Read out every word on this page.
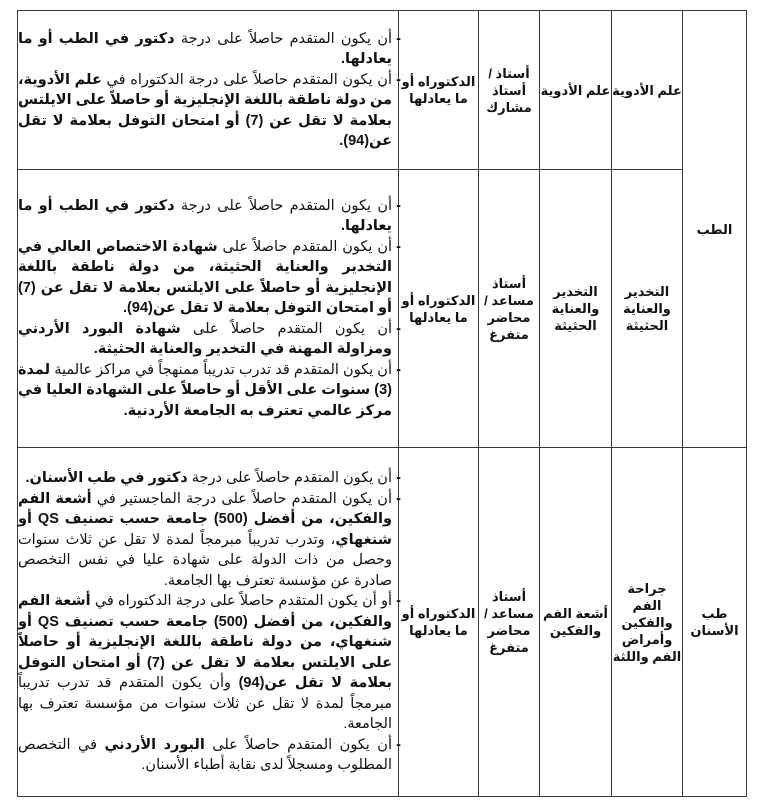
الطب	علم الأدوية	علم الأدوية	أستاذ / أستاذ مشارك	الدكتوراه أو ما يعادلها	- أن يكون المتقدم حاصلاً على درجة دكتور في الطب أو ما يعادلها.
- أن يكون المتقدم حاصلاً على درجة الدكتوراه في علم الأدوية، من دولة ناطقة باللغة الإنجليزية أو حاصلاً على الايلتس بعلامة لا تقل عن (7) أو امتحان التوفل بعلامة لا تقل عن(94).

	التخدير والعناية الحثيثة	التخدير والعناية الحثيثة	أستاذ مساعد / محاضر متفرغ	الدكتوراه أو ما يعادلها	- أن يكون المتقدم حاصلاً على درجة دكتور في الطب أو ما يعادلها.
- أن يكون المتقدم حاصلاً على شهادة الاختصاص العالي في التخدير والعناية الحثيثة، من دولة ناطقة باللغة الإنجليزية أو حاصلاً على الايلتس بعلامة لا تقل عن (7) أو امتحان التوفل بعلامة لا تقل عن(94).
- أن يكون المتقدم حاصلاً على شهادة البورد الأردني ومزاولة المهنة في التخدير والعناية الحثيثة.
- أن يكون المتقدم قد تدرب تدريباً ممنهجاً في مراكز عالمية لمدة (3) سنوات على الأقل أو حاصلاً على الشهادة العليا في مركز عالمي تعترف به الجامعة الأردنية.

طب الأسنان	جراحة الفم والفكين وأمراض الفم واللثة	أشعة الفم والفكين	أستاذ مساعد / محاضر متفرغ	الدكتوراه أو ما يعادلها	- أن يكون المتقدم حاصلاً على درجة دكتور في طب الأسنان.
- أن يكون المتقدم حاصلاً على درجة الماجستير في أشعة الفم والفكين، من أفضل (500) جامعة حسب تصنيف QS أو شنغهاي، وتدرب تدريباً مبرمجاً لمدة لا تقل عن ثلاث سنوات وحصل من ذات الدولة على شهادة عليا في نفس التخصص صادرة عن مؤسسة تعترف بها الجامعة.
- أو أن يكون المتقدم حاصلاً على درجة الدكتوراه في أشعة الفم والفكين، من أفضل (500) جامعة حسب تصنيف QS أو شنغهاي، من دولة ناطقة باللغة الإنجليزية أو حاصلاً على الايلتس بعلامة لا تقل عن (7) أو امتحان التوفل بعلامة لا تقل عن(94) وأن يكون المتقدم قد تدرب تدريباً مبرمجاً لمدة لا تقل عن ثلاث سنوات من مؤسسة تعترف بها الجامعة.
- أن يكون المتقدم حاصلاً على البورد الأردني في التخصص المطلوب ومسجلاً لدى نقابة أطباء الأسنان.
